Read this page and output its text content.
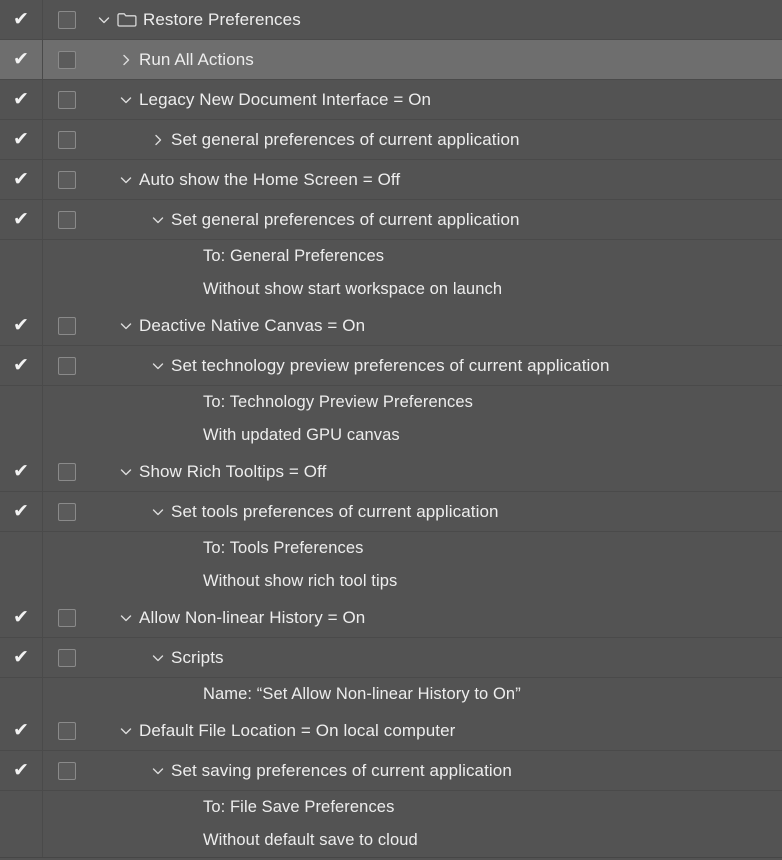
✔	Restore Preferences
✔	Run All Actions
✔	Legacy New Document Interface = On
✔	Set general preferences of current application
✔	Auto show the Home Screen = Off
✔	Set general preferences of current application
To: General Preferences
Without show start workspace on launch
✔	Deactive Native Canvas = On
✔	Set technology preview preferences of current application
To: Technology Preview Preferences
With updated GPU canvas
✔	Show Rich Tooltips = Off
✔	Set tools preferences of current application
To: Tools Preferences
Without show rich tool tips
✔	Allow Non-linear History = On
✔	Scripts
Name: “Set Allow Non-linear History to On”
✔	Default File Location = On local computer
✔	Set saving preferences of current application
To: File Save Preferences
Without default save to cloud
